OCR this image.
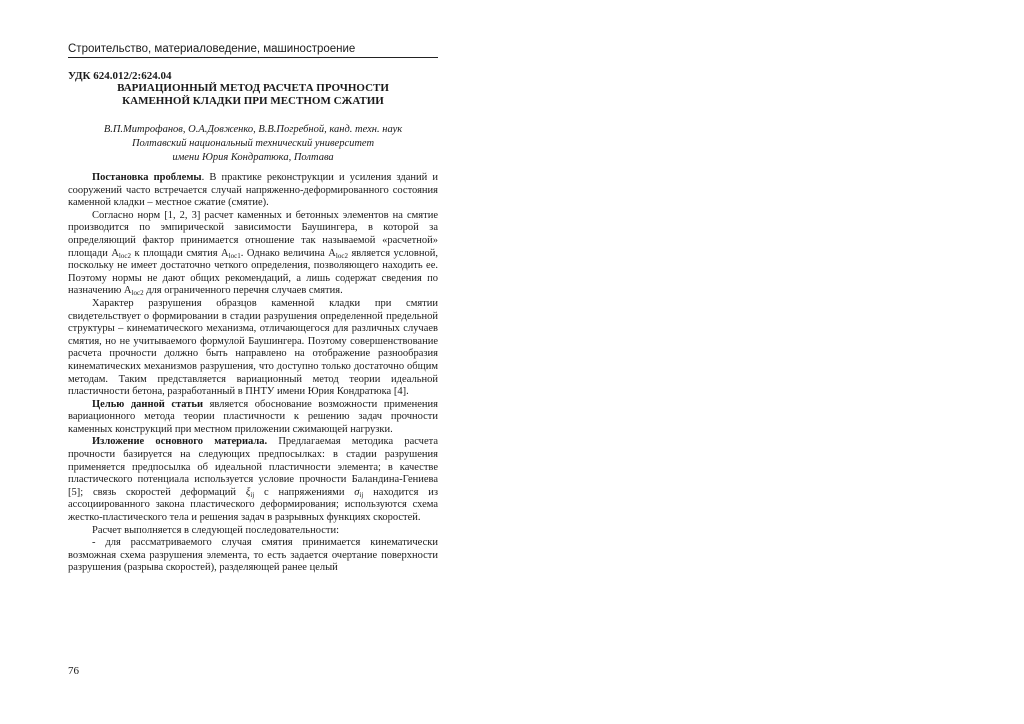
Строительство, материаловедение, машиностроение
УДК 624.012/2:624.04
ВАРИАЦИОННЫЙ МЕТОД РАСЧЕТА ПРОЧНОСТИ
КАМЕННОЙ КЛАДКИ ПРИ МЕСТНОМ СЖАТИИ
В.П.Митрофанов, О.А.Довженко, В.В.Погребной, канд. техн. наук
Полтавский национальный технический университет
имени Юрия Кондратюка, Полтава

Постановка проблемы. В практике реконструкции и усиления зданий и сооружений часто встречается случай напряженно-деформированного состояния каменной кладки – местное сжатие (смятие).

Согласно норм [1, 2, 3] расчет каменных и бетонных элементов на смятие производится по эмпирической зависимости Баушингера, в которой за определяющий фактор принимается отношение так называемой «расчетной» площади $A_{loc2}$ к площади смятия $A_{loc1}$. Однако величина $A_{loc2}$ является условной, поскольку не имеет достаточно четкого определения, позволяющего находить ее. Поэтому нормы не дают общих рекомендаций, а лишь содержат сведения по назначению $A_{loc2}$ для ограниченного перечня случаев смятия.

Характер разрушения образцов каменной кладки при смятии свидетельствует о формировании в стадии разрушения определенной предельной структуры – кинематического механизма, отличающегося для различных случаев смятия, но не учитываемого формулой Баушингера. Поэтому совершенствование расчета прочности должно быть направлено на отображение разнообразия кинематических механизмов разрушения, что доступно только достаточно общим методам. Таким представляется вариационный метод теории идеальной пластичности бетона, разработанный в ПНТУ имени Юрия Кондратюка [4].

Целью данной статьи является обоснование возможности применения вариационного метода теории пластичности к решению задач прочности каменных конструкций при местном приложении сжимающей нагрузки.

Изложение основного материала. Предлагаемая методика расчета прочности базируется на следующих предпосылках: в стадии разрушения применяется предпосылка об идеальной пластичности элемента; в качестве пластического потенциала используется условие прочности Баландина-Гениева [5]; связь скоростей деформаций $\xi_{ij}$ с напряжениями $\sigma_{ij}$ находится из ассоциированного закона пластического деформирования; используются схема жестко-пластического тела и решения задач в разрывных функциях скоростей.

Расчет выполняется в следующей последовательности:

- для рассматриваемого случая смятия принимается кинематически возможная схема разрушения элемента, то есть задается очертание поверхности разрушения (разрыва скоростей), разделяющей ранее целый

76
